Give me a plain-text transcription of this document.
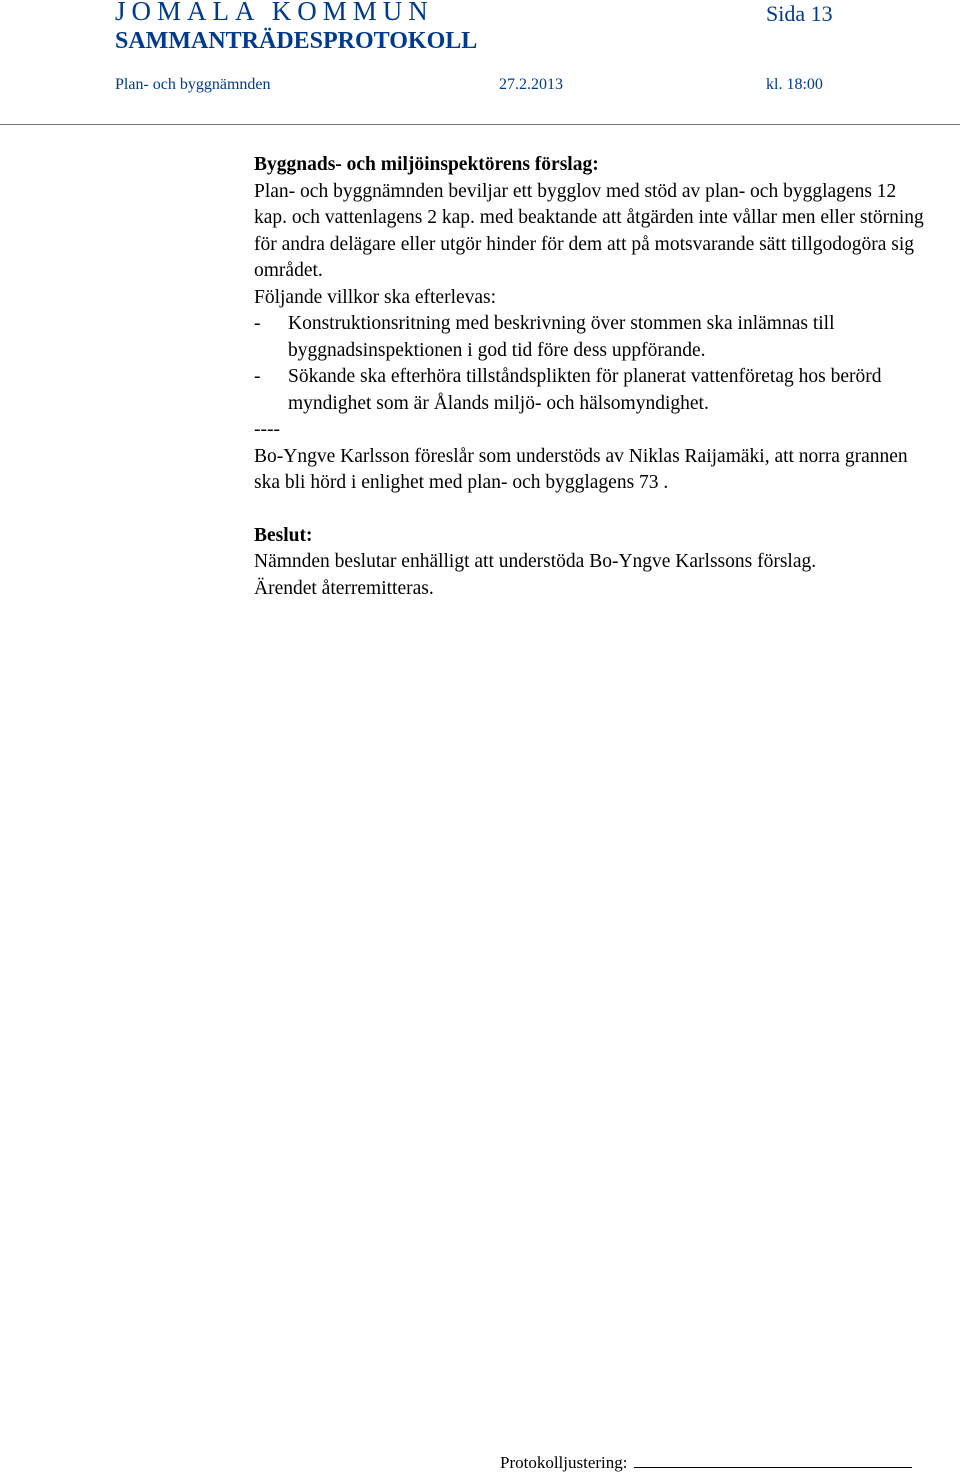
JOMALA KOMMUN	Sida 13
SAMMANTRÄDESPROTOKOLL
Plan- och byggnämnden	27.2.2013	kl. 18:00

Byggnads- och miljöinspektörens förslag:

Plan- och byggnämnden beviljar ett bygglov med stöd av plan- och bygglagens 12 kap. och vattenlagens 2 kap. med beaktande att åtgärden inte vållar men eller störning för andra delägare eller utgör hinder för dem att på motsvarande sätt tillgodogöra sig området.

Följande villkor ska efterlevas:

- Konstruktionsritning med beskrivning över stommen ska inlämnas till byggnadsinspektionen i god tid före dess uppförande.

- Sökande ska efterhöra tillståndsplikten för planerat vattenföretag hos berörd myndighet som är Ålands miljö- och hälsomyndighet.

----

Bo-Yngve Karlsson föreslår som understöds av Niklas Raijamäki, att norra grannen ska bli hörd i enlighet med plan- och bygglagens 73 .

Beslut:

Nämnden beslutar enhälligt att understöda Bo-Yngve Karlssons förslag.

Ärendet återremitteras.

Protokolljustering:
